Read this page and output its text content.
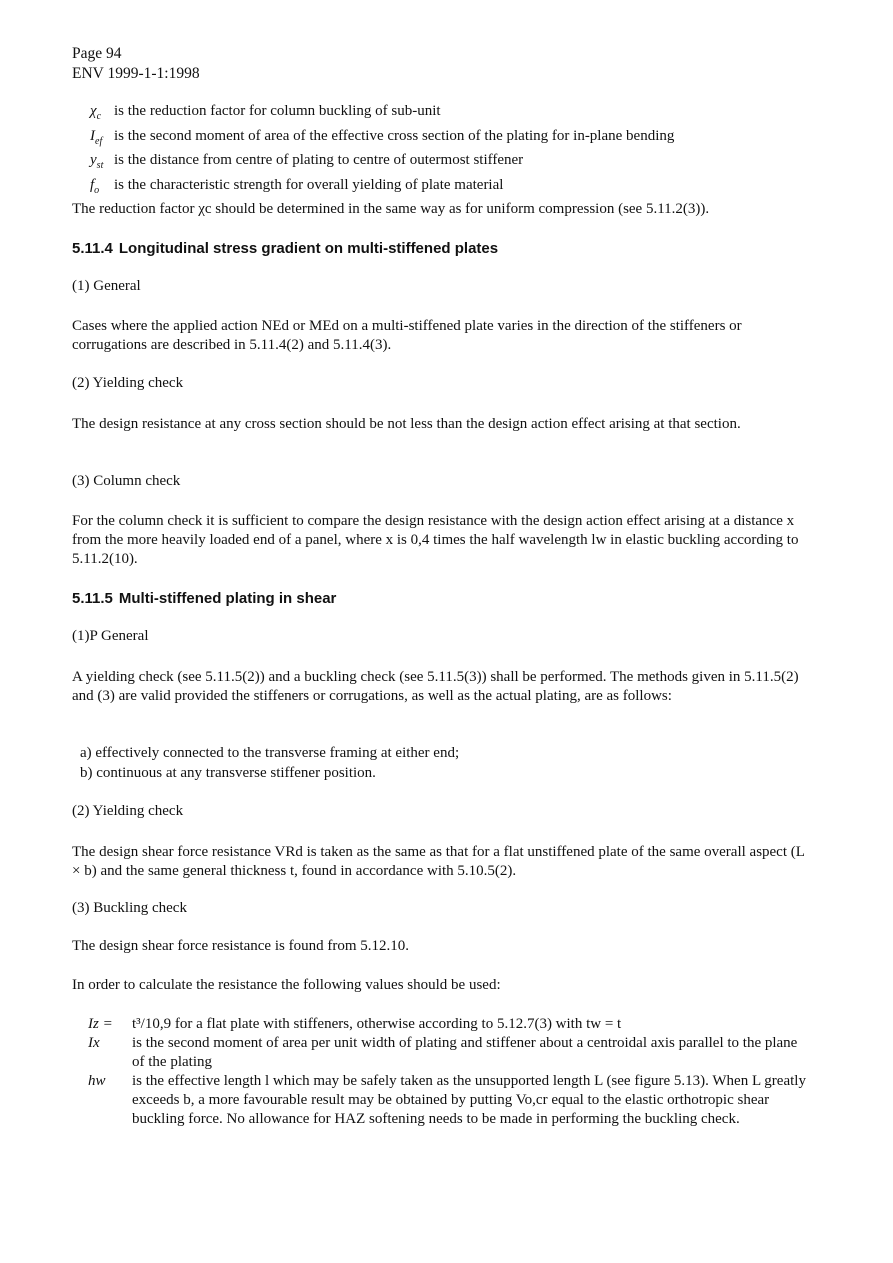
Page 94
ENV 1999-1-1:1998
$\chi_c$ is the reduction factor for column buckling of sub-unit
$I_{ef}$ is the second moment of area of the effective cross section of the plating for in-plane bending
$y_{st}$ is the distance from centre of plating to centre of outermost stiffener
$f_o$ is the characteristic strength for overall yielding of plate material
The reduction factor χc should be determined in the same way as for uniform compression (see 5.11.2(3)).
5.11.4 Longitudinal stress gradient on multi-stiffened plates
(1) General
Cases where the applied action NEd or MEd on a multi-stiffened plate varies in the direction of the stiffeners or corrugations are described in 5.11.4(2) and 5.11.4(3).
(2) Yielding check
The design resistance at any cross section should be not less than the design action effect arising at that section.
(3) Column check
For the column check it is sufficient to compare the design resistance with the design action effect arising at a distance x from the more heavily loaded end of a panel, where x is 0,4 times the half wavelength lw in elastic buckling according to 5.11.2(10).
5.11.5 Multi-stiffened plating in shear
(1)P General
A yielding check (see 5.11.5(2)) and a buckling check (see 5.11.5(3)) shall be performed. The methods given in 5.11.5(2) and (3) are valid provided the stiffeners or corrugations, as well as the actual plating, are as follows:
a) effectively connected to the transverse framing at either end;
b) continuous at any transverse stiffener position.
(2) Yielding check
The design shear force resistance VRd is taken as the same as that for a flat unstiffened plate of the same overall aspect (L × b) and the same general thickness t, found in accordance with 5.10.5(2).
(3) Buckling check
The design shear force resistance is found from 5.12.10.
In order to calculate the resistance the following values should be used:
Iz =	t³/10,9 for a flat plate with stiffeners, otherwise according to 5.12.7(3) with tw = t
Ix	is the second moment of area per unit width of plating and stiffener about a centroidal axis parallel to the plane of the plating
hw	is the effective length l which may be safely taken as the unsupported length L (see figure 5.13). When L greatly exceeds b, a more favourable result may be obtained by putting Vo,cr equal to the elastic orthotropic shear buckling force. No allowance for HAZ softening needs to be made in performing the buckling check.
